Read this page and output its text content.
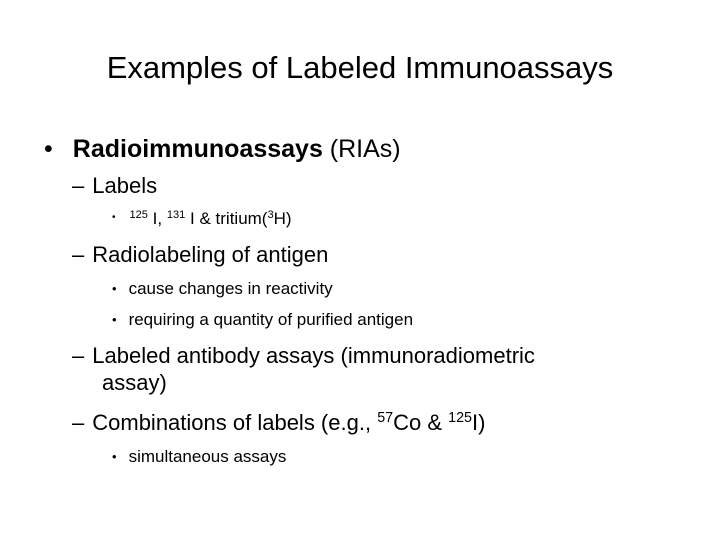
Examples of Labeled Immunoassays
• Radioimmunoassays (RIAs)
– Labels
• $^{125}$ I, $^{131}$ I & tritium($^3$H)
– Radiolabeling of antigen
• cause changes in reactivity
• requiring a quantity of purified antigen
– Labeled antibody assays (immunoradiometric
assay)
– Combinations of labels (e.g., $^{57}$Co & $^{125}$I)
• simultaneous assays
